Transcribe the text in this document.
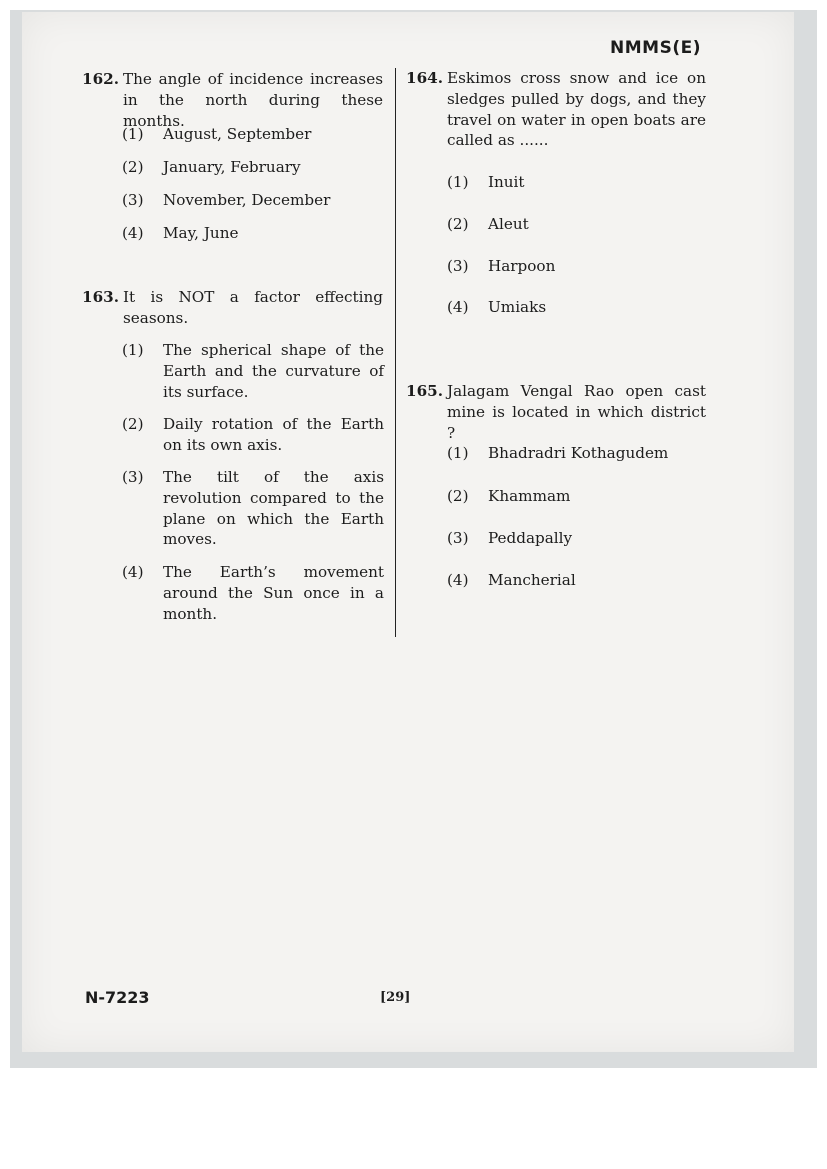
NMMS(E)
162. The angle of incidence increases in the north during these months.
(1)	August, September
(2)	January, February
(3)	November, December
(4)	May, June
163. It is NOT a factor effecting seasons.
(1)	The spherical shape of the Earth and the curvature of its surface.
(2)	Daily rotation of the Earth on its own axis.
(3)	The tilt of the axis revolution compared to the plane on which the Earth moves.
(4)	The Earth’s movement around the Sun once in a month.
164. Eskimos cross snow and ice on sledges pulled by dogs, and they travel on water in open boats are called as ......
(1)	Inuit
(2)	Aleut
(3)	Harpoon
(4)	Umiaks
165. Jalagam Vengal Rao open cast mine is located in which district ?
(1)	Bhadradri Kothagudem
(2)	Khammam
(3)	Peddapally
(4)	Mancherial
N-7223	[29]
